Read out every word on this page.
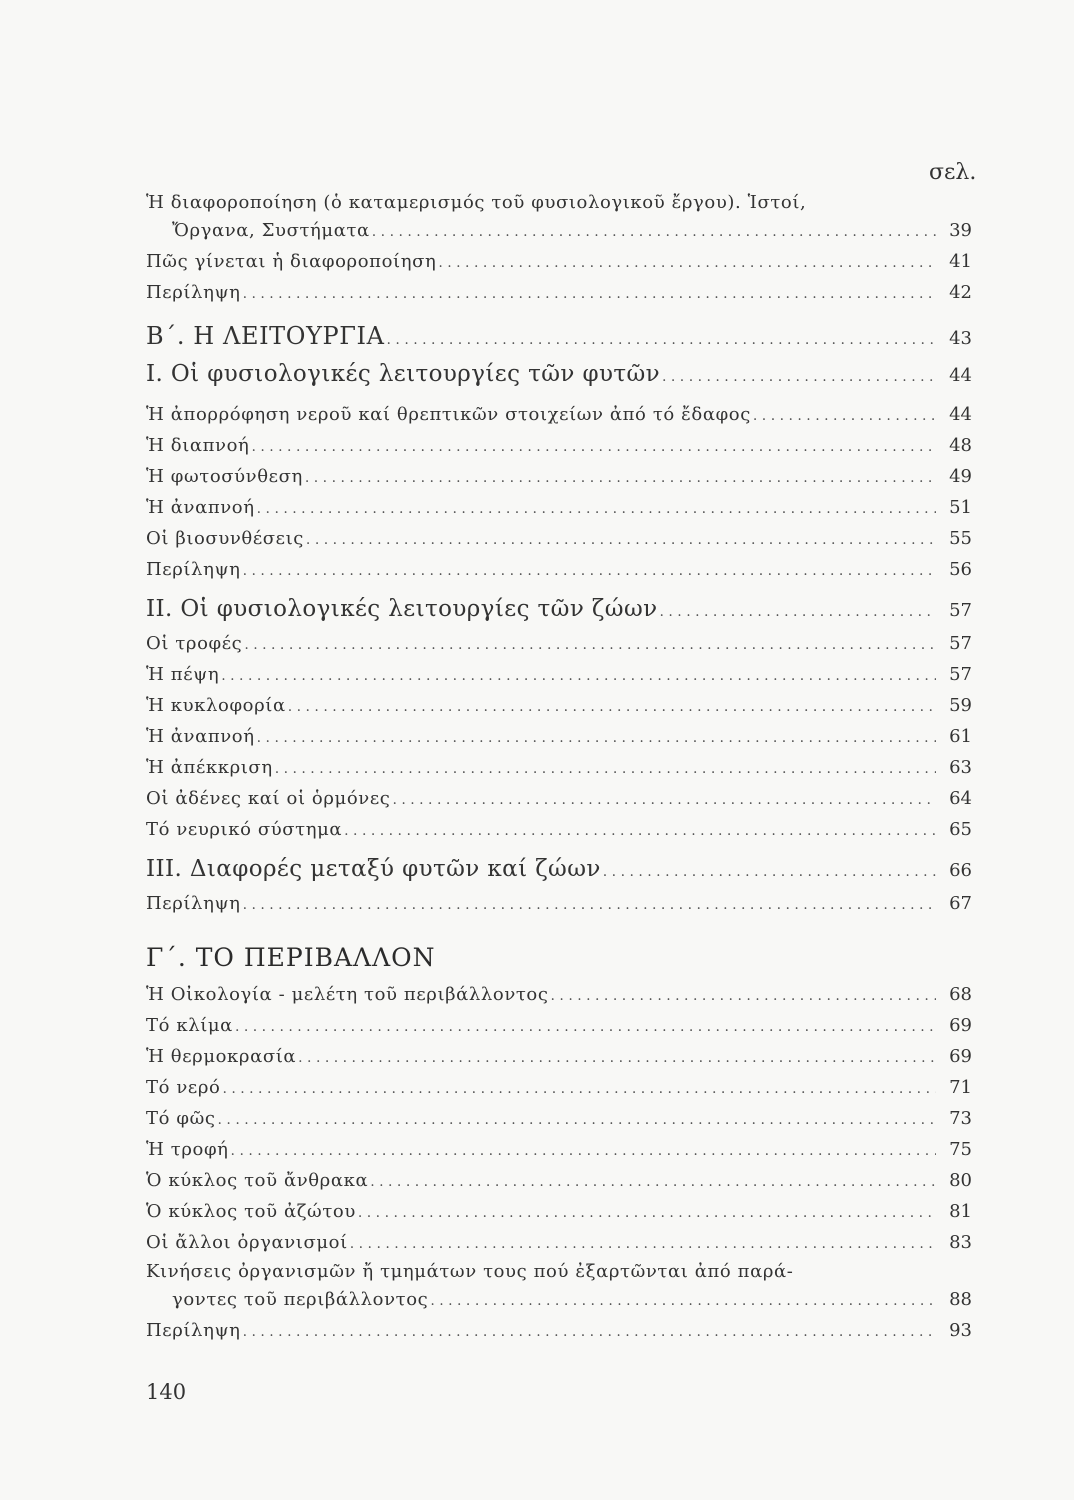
σελ.
Ἡ διαφοροποίηση (ὁ καταμερισμός τοῦ φυσιολογικοῦ ἔργου). Ἱστοί,
Ὄργανα, Συστήματα . . .	39
Πῶς γίνεται ἡ διαφοροποίηση . . .	41
Περίληψη . . .	42
Β΄. Η ΛΕΙΤΟΥΡΓΙΑ . . .	43
Ι. Οἱ φυσιολογικές λειτουργίες τῶν φυτῶν . . .	44
Ἡ ἀπορρόφηση νεροῦ καί θρεπτικῶν στοιχείων ἀπό τό ἔδαφος . . .	44
Ἡ διαπνοή . . .	48
Ἡ φωτοσύνθεση . . .	49
Ἡ ἀναπνοή . . .	51
Οἱ βιοσυνθέσεις . . .	55
Περίληψη . . .	56
ΙΙ. Οἱ φυσιολογικές λειτουργίες τῶν ζώων . . .	57
Οἱ τροφές . . .	57
Ἡ πέψη . . .	57
Ἡ κυκλοφορία . . .	59
Ἡ ἀναπνοή . . .	61
Ἡ ἀπέκκριση . . .	63
Οἱ ἀδένες καί οἱ ὁρμόνες . . .	64
Τό νευρικό σύστημα . . .	65
ΙΙΙ. Διαφορές μεταξύ φυτῶν καί ζώων . . .	66
Περίληψη . . .	67
Γ΄. ΤΟ ΠΕΡΙΒΑΛΛΟΝ
Ἡ Οἰκολογία - μελέτη τοῦ περιβάλλοντος . . .	68
Τό κλίμα . . .	69
Ἡ θερμοκρασία . . .	69
Τό νερό . . .	71
Τό φῶς . . .	73
Ἡ τροφή . . .	75
Ὁ κύκλος τοῦ ἄνθρακα . . .	80
Ὁ κύκλος τοῦ ἀζώτου . . .	81
Οἱ ἄλλοι ὀργανισμοί . . .	83
Κινήσεις ὀργανισμῶν ἤ τμημάτων τους πού ἐξαρτῶνται ἀπό παρά-
γοντες τοῦ περιβάλλοντος . . .	88
Περίληψη . . .	93
140
